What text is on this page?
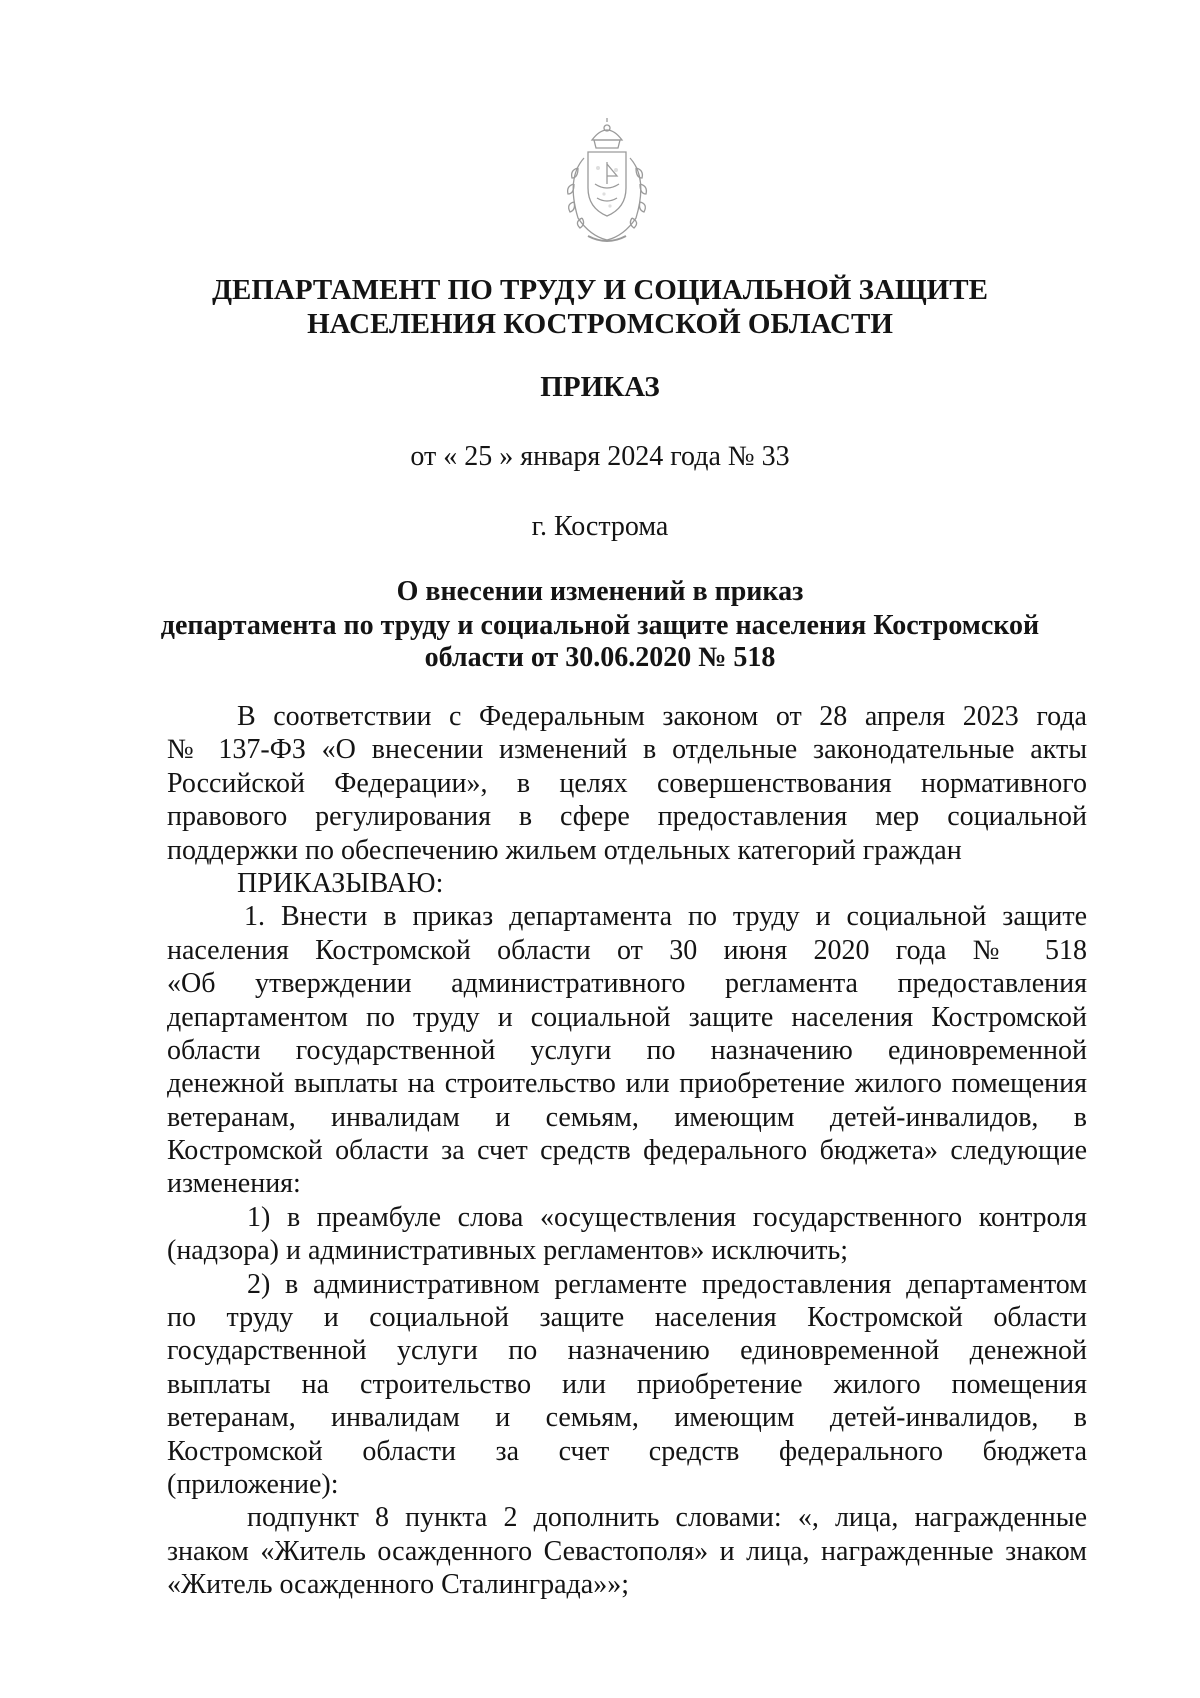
ДЕПАРТАМЕНТ ПО ТРУДУ И СОЦИАЛЬНОЙ ЗАЩИТЕ
НАСЕЛЕНИЯ КОСТРОМСКОЙ ОБЛАСТИ
ПРИКАЗ
от « 25 » января 2024 года № 33
г. Кострома
О внесении изменений в приказ
департамента по труду и социальной защите населения Костромской
области от 30.06.2020 № 518
В соответствии с Федеральным законом от 28 апреля 2023 года
№ 137-ФЗ «О внесении изменений в отдельные законодательные акты
Российской Федерации», в целях совершенствования нормативного
правового регулирования в сфере предоставления мер социальной
поддержки по обеспечению жильем отдельных категорий граждан
ПРИКАЗЫВАЮ:
1. Внести в приказ департамента по труду и социальной защите
населения Костромской области от 30 июня 2020 года № 518
«Об утверждении административного регламента предоставления
департаментом по труду и социальной защите населения Костромской
области государственной услуги по назначению единовременной
денежной выплаты на строительство или приобретение жилого помещения
ветеранам, инвалидам и семьям, имеющим детей-инвалидов, в
Костромской области за счет средств федерального бюджета» следующие
изменения:
1) в преамбуле слова «осуществления государственного контроля
(надзора) и административных регламентов» исключить;
2) в административном регламенте предоставления департаментом
по труду и социальной защите населения Костромской области
государственной услуги по назначению единовременной денежной
выплаты на строительство или приобретение жилого помещения
ветеранам, инвалидам и семьям, имеющим детей-инвалидов, в
Костромской области за счет средств федерального бюджета
(приложение):
подпункт 8 пункта 2 дополнить словами: «, лица, награжденные
знаком «Житель осажденного Севастополя» и лица, награжденные знаком
«Житель осажденного Сталинграда»»;
